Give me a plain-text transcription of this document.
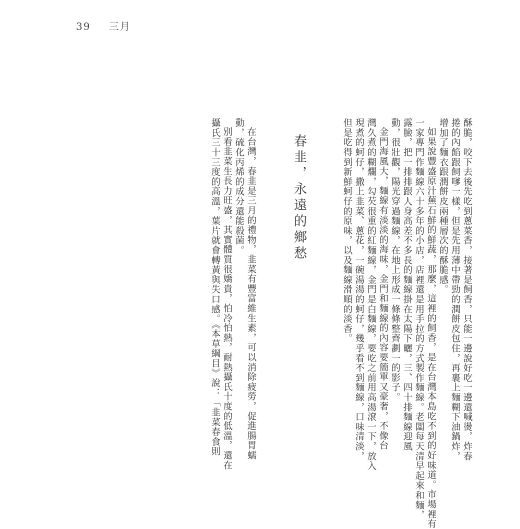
39 三月
酥脆，咬下去後先吃到蔥菜香，接著是飼香，只能一邊說好吃一邊還喊燙，炸春
捲的內餡跟飼嗲一樣，但是先用薄中帶勁的潤餅皮包住，再裹上麵糊下油鍋炸，
增加了麵衣跟潤餅皮兩種層次的酥脆感。
如果說豐盛原汁蕪石鮮的鮮蔬，那麼，這裡的飼香，是在台灣本島吃不到的好味道。市場裡有
一家專門作麵線六十多年的小店，店裡還是用手拉的方式製作麵線。老闆每天清早起來和麵，
露臉，把一排排跟人身高差不多長的麵線掛在太陽下曬，三、四十排麵線迎風
動，很壯觀，陽光穿過麵線，在地上形成一條條整齊劃一的影子。
金門海風大，麵線有淡淡的海味，金門和麵線的內容要簡單又豪奢，不像台
灣久煮的糊爛，勾芡很重的紅麵線，金門是白麵線，要吃之前用高湯滾一下，放入
現煮的蚵仔，撒上韭菜、蔥花，一碗湯湯的蚵仔，幾乎看不到麵線，口味清淡，
但是吃得到新鮮蚵仔的原味，以及麵線滑順的淡香。
春韭，永遠的鄉愁
在台灣，春韭是三月的禮物，韭菜有豐富維生素，可以消除疲勞，促進腸胃蠕
動，硫化丙烯的成分還能殺菌。
別看韭菜生長力旺盛，其實體質很嬌貴，怕冷怕熱，耐熱攝氏十度的低溫，還在
攝氏三十三度的高溫，葉片就會轉黃與失口感。《本草綱目》說：「韭菜春食則
